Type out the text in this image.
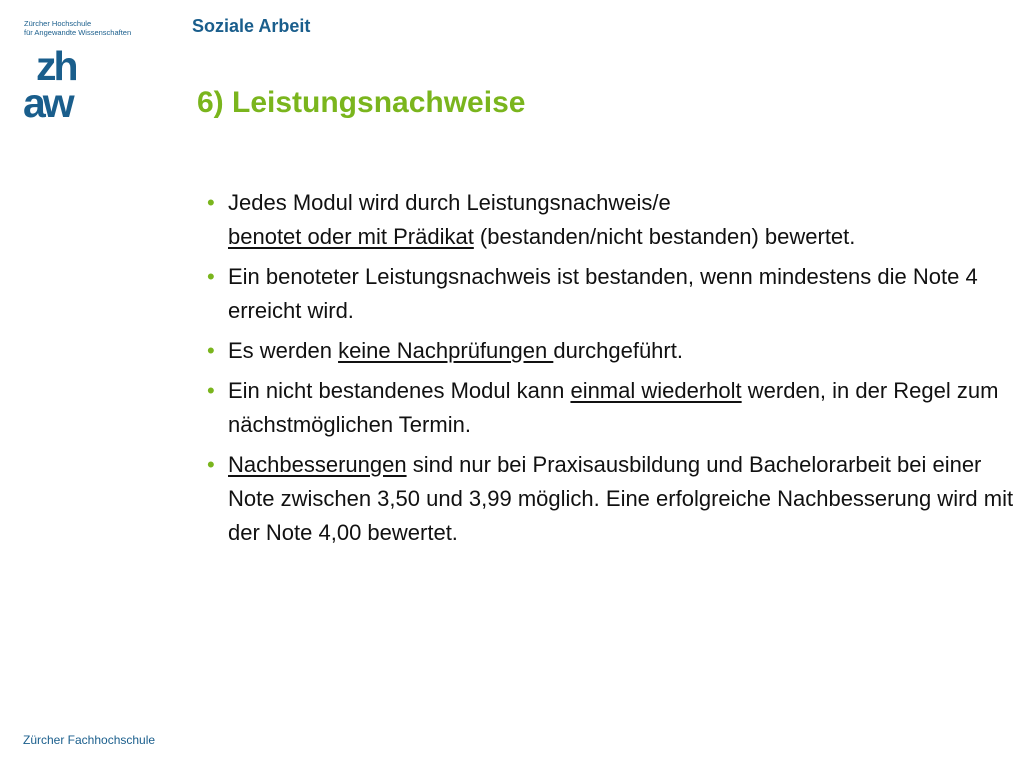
Zürcher Hochschule
für Angewandte Wissenschaften
zh
aw
Soziale Arbeit
6) Leistungsnachweise
• Jedes Modul wird durch Leistungsnachweis/e
benotet oder mit Prädikat (bestanden/nicht bestanden) bewertet.
• Ein benoteter Leistungsnachweis ist bestanden, wenn mindestens die Note 4 erreicht wird.
• Es werden keine Nachprüfungen durchgeführt.
• Ein nicht bestandenes Modul kann einmal wiederholt werden, in der Regel zum nächstmöglichen Termin.
• Nachbesserungen sind nur bei Praxisausbildung und Bachelorarbeit bei einer Note zwischen 3,50 und 3,99 möglich. Eine erfolgreiche Nachbesserung wird mit der Note 4,00 bewertet.
Zürcher Fachhochschule
